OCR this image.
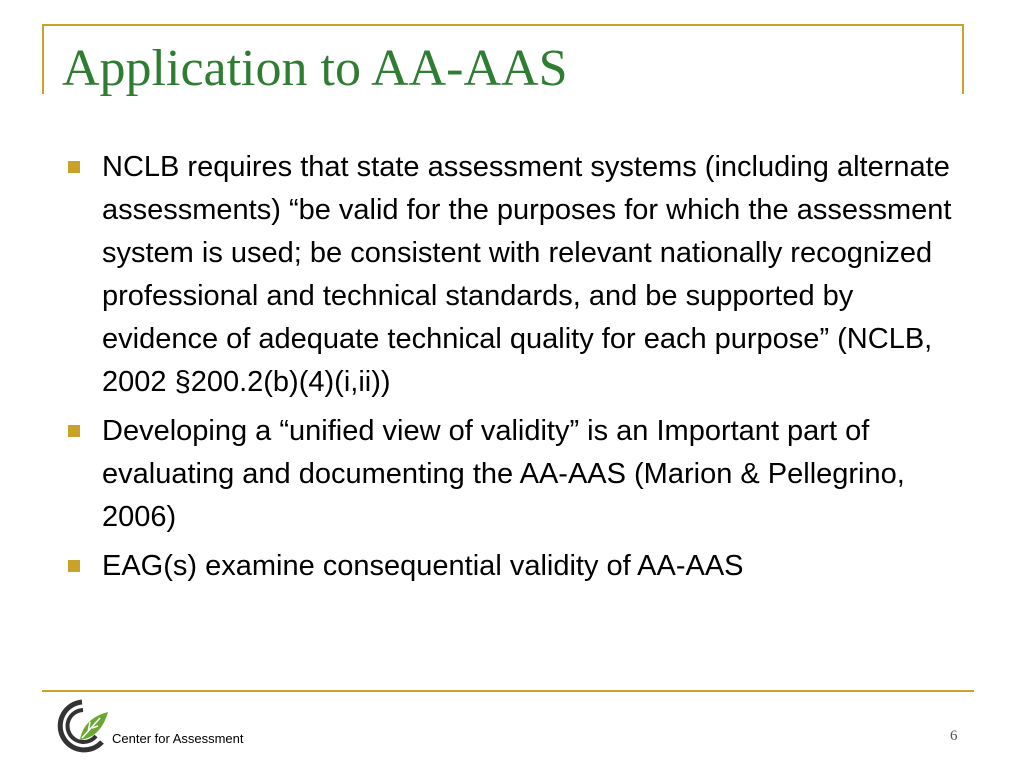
Application to AA-AAS
NCLB requires that state assessment systems (including alternate assessments) “be valid for the purposes for which the assessment system is used; be consistent with relevant nationally recognized professional and technical standards, and be supported by evidence of adequate technical quality for each purpose” (NCLB, 2002 §200.2(b)(4)(i,ii))
Developing a “unified view of validity” is an Important part of evaluating and documenting the AA-AAS (Marion & Pellegrino, 2006)
EAG(s) examine consequential validity of AA-AAS
Center for Assessment	6
